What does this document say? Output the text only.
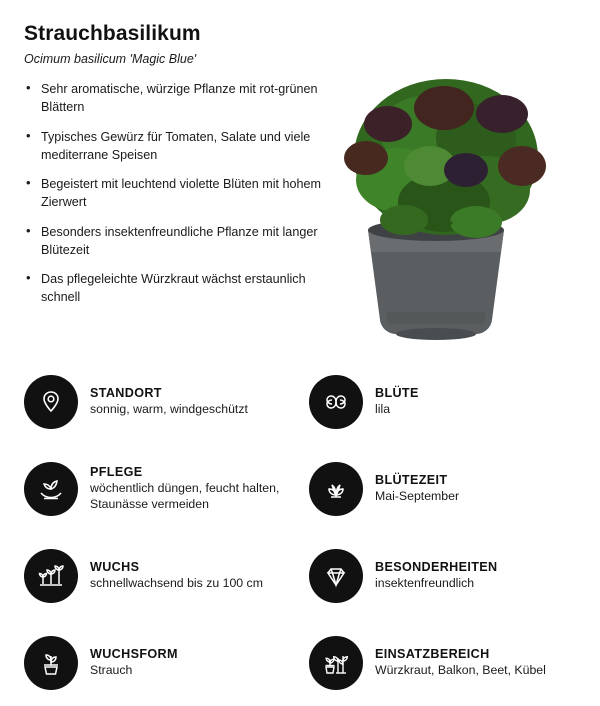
Strauchbasilikum
Ocimum basilicum 'Magic Blue'
• Sehr aromatische, würzige Pflanze mit rot-grünen Blättern
• Typisches Gewürz für Tomaten, Salate und viele mediterrane Speisen
• Begeistert mit leuchtend violette Blüten mit hohem Zierwert
• Besonders insektenfreundliche Pflanze mit langer Blütezeit
• Das pflegeleichte Würzkraut wächst erstaunlich schnell
STANDORT
sonnig, warm, windgeschützt
BLÜTE
lila
PFLEGE
wöchentlich düngen, feucht halten, Staunässe vermeiden
BLÜTEZEIT
Mai-September
WUCHS
schnellwachsend bis zu 100 cm
BESONDERHEITEN
insektenfreundlich
WUCHSFORM
Strauch
EINSATZBEREICH
Würzkraut, Balkon, Beet, Kübel
